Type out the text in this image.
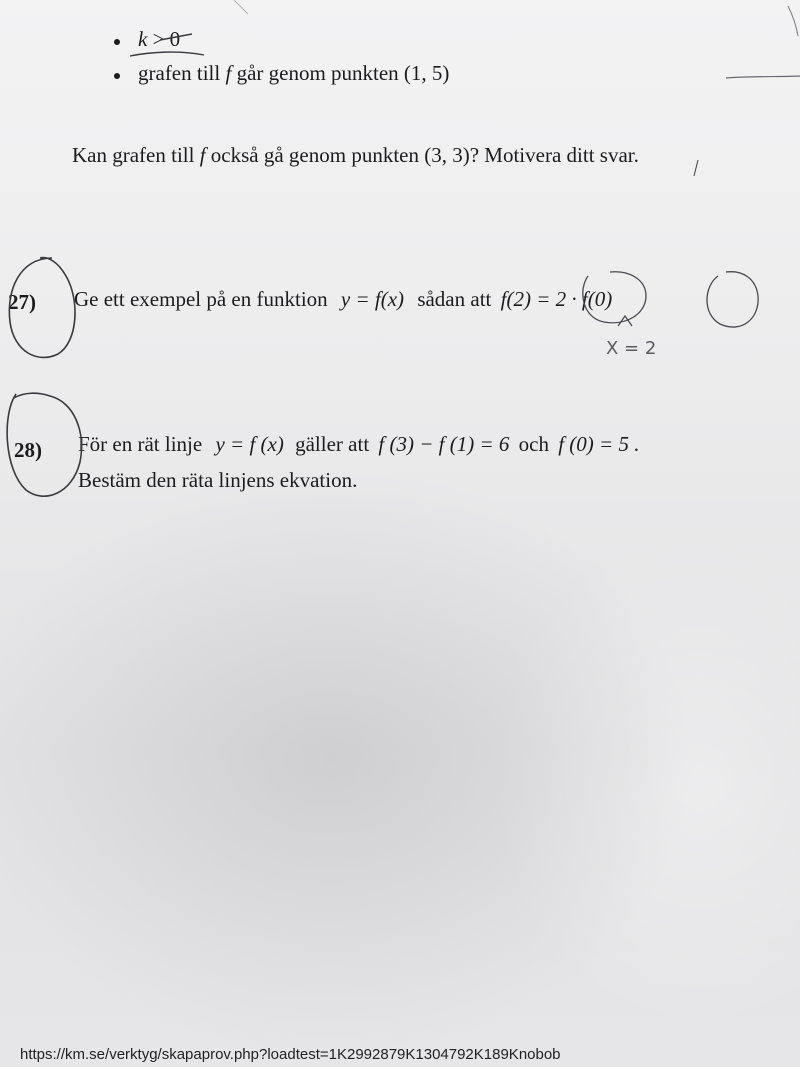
k > 0
grafen till f går genom punkten (1, 5)
Kan grafen till f också gå genom punkten (3, 3)? Motivera ditt svar.
27) Ge ett exempel på en funktion y = f(x) sådan att f(2) = 2 · f(0)
X = 2
28) För en rät linje y = f (x) gäller att f (3) − f (1) = 6 och f (0) = 5 .
Bestäm den räta linjens ekvation.
https://km.se/verktyg/skapaprov.php?loadtest=1K2992879K1304792K189Knobob
